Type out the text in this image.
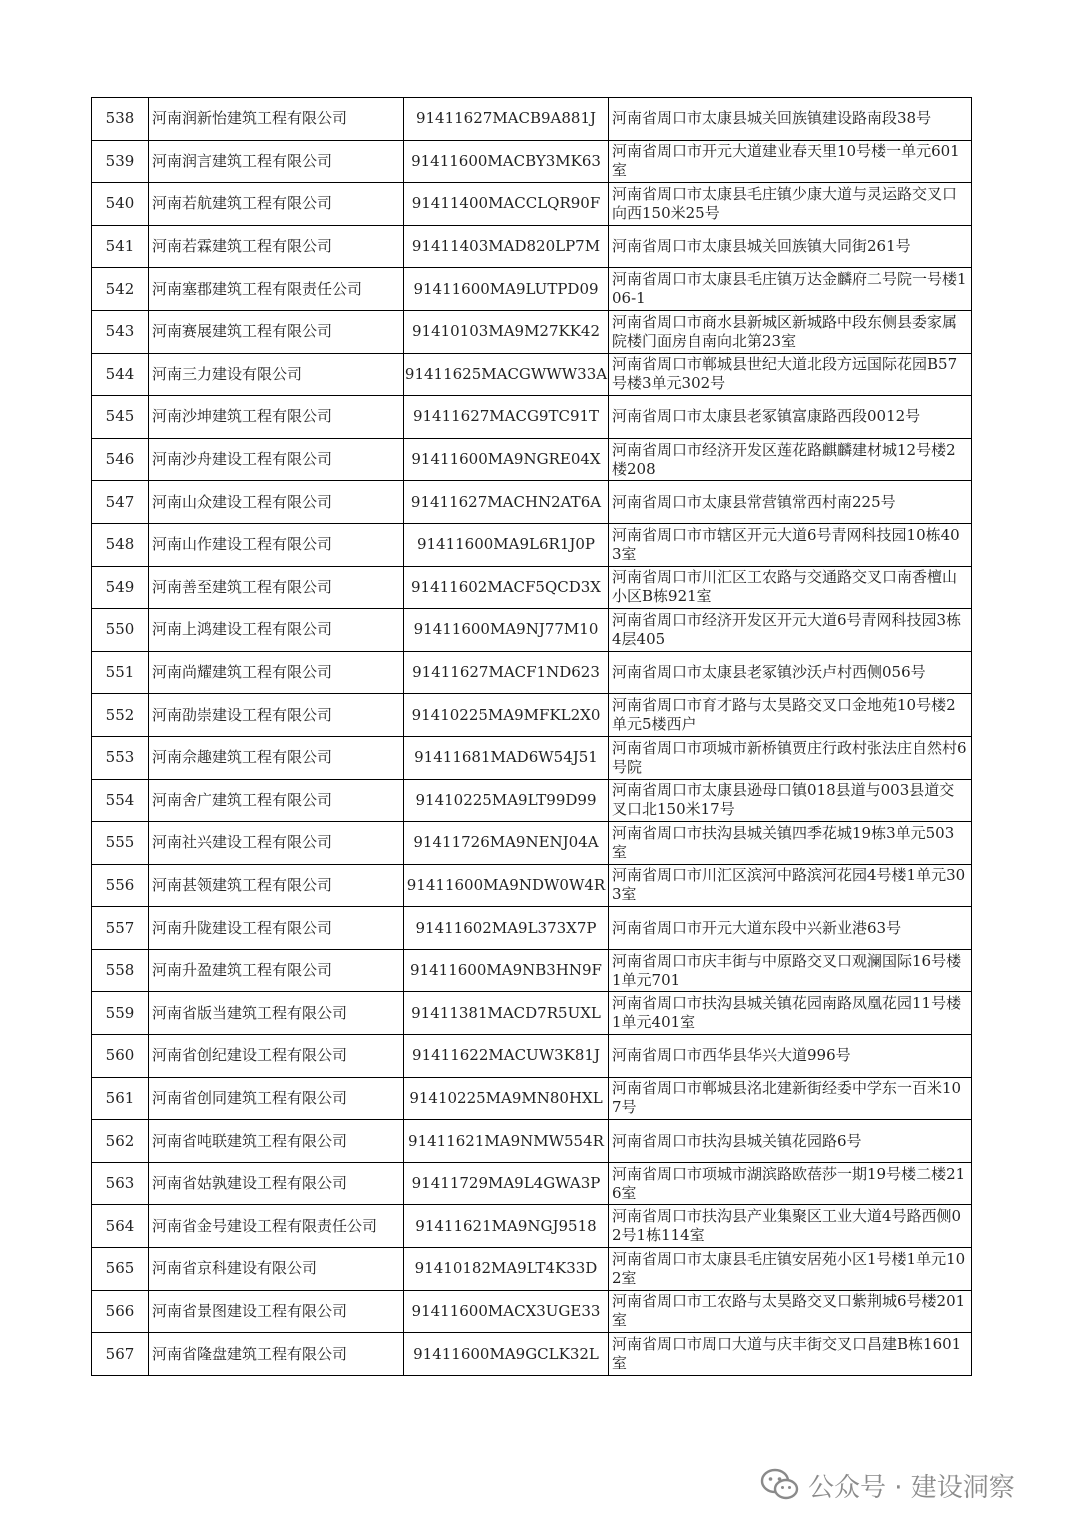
538	河南润新怡建筑工程有限公司	91411627MACB9A881J	河南省周口市太康县城关回族镇建设路南段38号
539	河南润言建筑工程有限公司	91411600MACBY3MK63	河南省周口市开元大道建业春天里10号楼一单元601室
540	河南若航建筑工程有限公司	91411400MACCLQR90F	河南省周口市太康县毛庄镇少康大道与灵运路交叉口向西150米25号
541	河南若霖建筑工程有限公司	91411403MAD820LP7M	河南省周口市太康县城关回族镇大同街261号
542	河南塞郡建筑工程有限责任公司	91411600MA9LUTPD09	河南省周口市太康县毛庄镇万达金麟府二号院一号楼106-1
543	河南赛展建筑工程有限公司	91410103MA9M27KK42	河南省周口市商水县新城区新城路中段东侧县委家属院楼门面房自南向北第23室
544	河南三力建设有限公司	91411625MACGWWW33A	河南省周口市郸城县世纪大道北段方远国际花园B57号楼3单元302号
545	河南沙坤建筑工程有限公司	91411627MACG9TC91T	河南省周口市太康县老冢镇富康路西段0012号
546	河南沙舟建设工程有限公司	91411600MA9NGRE04X	河南省周口市经济开发区莲花路麒麟建材城12号楼2楼208
547	河南山众建设工程有限公司	91411627MACHN2AT6A	河南省周口市太康县常营镇常西村南225号
548	河南山作建设工程有限公司	91411600MA9L6R1J0P	河南省周口市市辖区开元大道6号青网科技园10栋403室
549	河南善至建筑工程有限公司	91411602MACF5QCD3X	河南省周口市川汇区工农路与交通路交叉口南香檀山小区B栋921室
550	河南上鸿建设工程有限公司	91411600MA9NJ77M10	河南省周口市经济开发区开元大道6号青网科技园3栋4层405
551	河南尚耀建筑工程有限公司	91411627MACF1ND623	河南省周口市太康县老冢镇沙沃卢村西侧056号
552	河南劭崇建设工程有限公司	91410225MA9MFKL2X0	河南省周口市育才路与太昊路交叉口金地苑10号楼2单元5楼西户
553	河南佘趣建筑工程有限公司	91411681MAD6W54J51	河南省周口市项城市新桥镇贾庄行政村张法庄自然村6号院
554	河南舍广建筑工程有限公司	91410225MA9LT99D99	河南省周口市太康县逊母口镇018县道与003县道交叉口北150米17号
555	河南社兴建设工程有限公司	91411726MA9NENJ04A	河南省周口市扶沟县城关镇四季花城19栋3单元503室
556	河南甚领建筑工程有限公司	91411600MA9NDW0W4R	河南省周口市川汇区滨河中路滨河花园4号楼1单元303室
557	河南升陇建设工程有限公司	91411602MA9L373X7P	河南省周口市开元大道东段中兴新业港63号
558	河南升盈建筑工程有限公司	91411600MA9NB3HN9F	河南省周口市庆丰街与中原路交叉口观澜国际16号楼1单元701
559	河南省版当建筑工程有限公司	91411381MACD7R5UXL	河南省周口市扶沟县城关镇花园南路凤凰花园11号楼1单元401室
560	河南省创纪建设工程有限公司	91411622MACUW3K81J	河南省周口市西华县华兴大道996号
561	河南省创同建筑工程有限公司	91410225MA9MN80HXL	河南省周口市郸城县洺北建新街经委中学东一百米107号
562	河南省吨联建筑工程有限公司	91411621MA9NMW554R	河南省周口市扶沟县城关镇花园路6号
563	河南省姑孰建设工程有限公司	91411729MA9L4GWA3P	河南省周口市项城市湖滨路欧蓓莎一期19号楼二楼216室
564	河南省金号建设工程有限责任公司	91411621MA9NGJ9518	河南省周口市扶沟县产业集聚区工业大道4号路西侧02号1栋114室
565	河南省京科建设有限公司	91410182MA9LT4K33D	河南省周口市太康县毛庄镇安居苑小区1号楼1单元102室
566	河南省景图建设工程有限公司	91411600MACX3UGE33	河南省周口市工农路与太昊路交叉口紫荆城6号楼201室
567	河南省隆盘建筑工程有限公司	91411600MA9GCLK32L	河南省周口市周口大道与庆丰街交叉口昌建B栋1601室
公众号 · 建设洞察
